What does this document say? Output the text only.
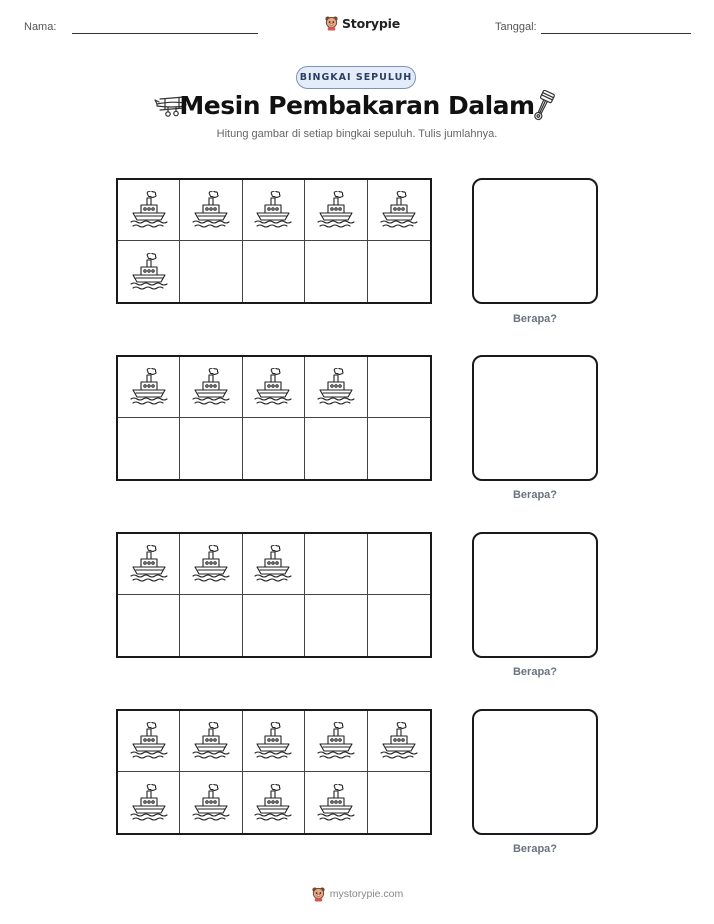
Nama:	Tanggal:
Storypie
BINGKAI SEPULUH
Mesin Pembakaran Dalam
Hitung gambar di setiap bingkai sepuluh. Tulis jumlahnya.
Berapa?
Berapa?
Berapa?
Berapa?
mystorypie.com
